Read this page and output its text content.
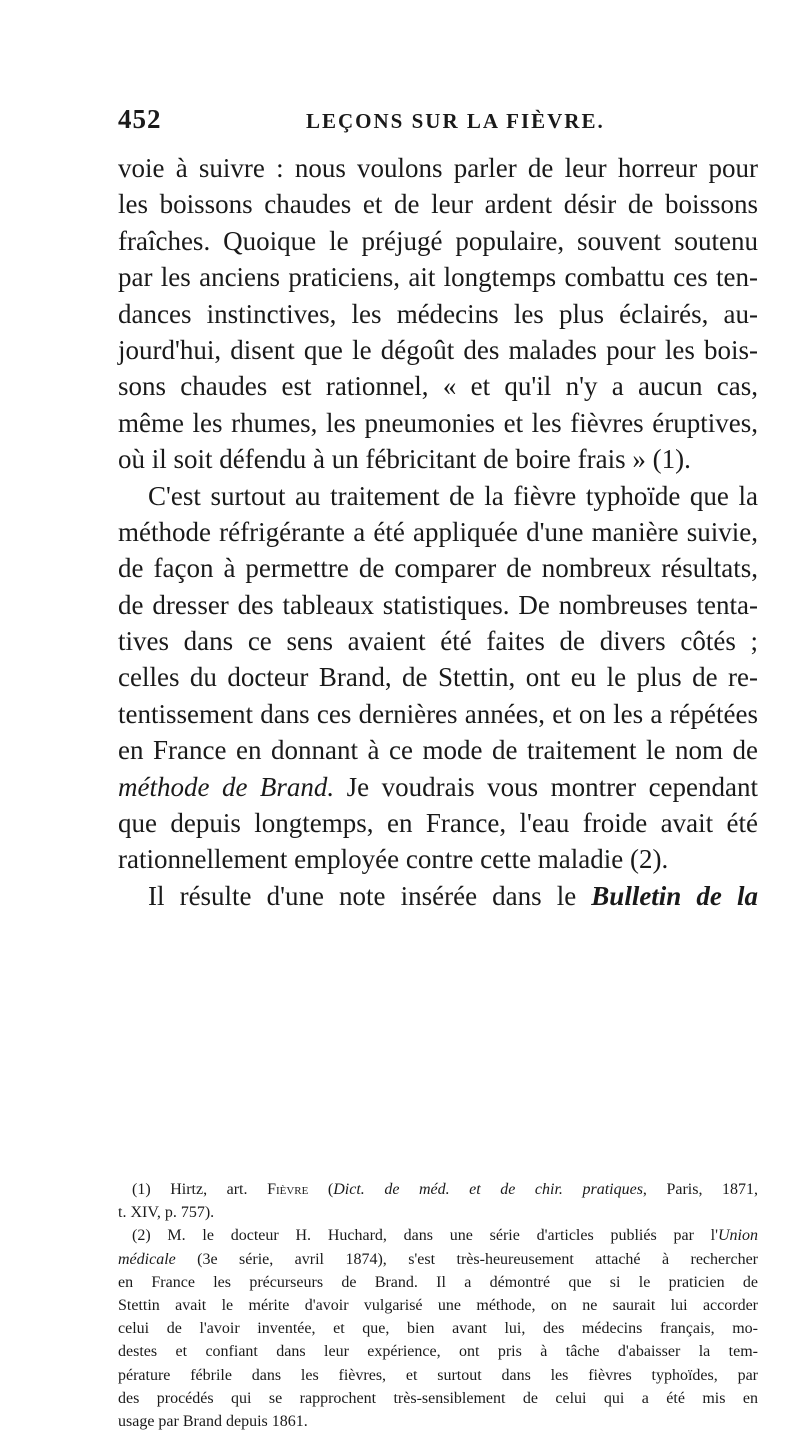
452	LEÇONS SUR LA FIÈVRE.
voie à suivre : nous voulons parler de leur horreur pour
les boissons chaudes et de leur ardent désir de boissons
fraîches. Quoique le préjugé populaire, souvent soutenu
par les anciens praticiens, ait longtemps combattu ces ten-
dances instinctives, les médecins les plus éclairés, au-
jourd'hui, disent que le dégoût des malades pour les bois-
sons chaudes est rationnel, « et qu'il n'y a aucun cas,
même les rhumes, les pneumonies et les fièvres éruptives,
où il soit défendu à un fébricitant de boire frais » (1).
C'est surtout au traitement de la fièvre typhoïde que la
méthode réfrigérante a été appliquée d'une manière suivie,
de façon à permettre de comparer de nombreux résultats,
de dresser des tableaux statistiques. De nombreuses tenta-
tives dans ce sens avaient été faites de divers côtés ;
celles du docteur Brand, de Stettin, ont eu le plus de re-
tentissement dans ces dernières années, et on les a répétées
en France en donnant à ce mode de traitement le nom de
méthode de Brand. Je voudrais vous montrer cependant
que depuis longtemps, en France, l'eau froide avait été
rationnellement employée contre cette maladie (2).
Il résulte d'une note insérée dans le Bulletin de la
(1) Hirtz, art. Fièvre (Dict. de méd. et de chir. pratiques, Paris, 1871,
t. XIV, p. 757).
(2) M. le docteur H. Huchard, dans une série d'articles publiés par l'Union
médicale (3e série, avril 1874), s'est très-heureusement attaché à rechercher
en France les précurseurs de Brand. Il a démontré que si le praticien de
Stettin avait le mérite d'avoir vulgarisé une méthode, on ne saurait lui accorder
celui de l'avoir inventée, et que, bien avant lui, des médecins français, mo-
destes et confiant dans leur expérience, ont pris à tâche d'abaisser la tem-
pérature fébrile dans les fièvres, et surtout dans les fièvres typhoïdes, par
des procédés qui se rapprochent très-sensiblement de celui qui a été mis en
usage par Brand depuis 1861.
